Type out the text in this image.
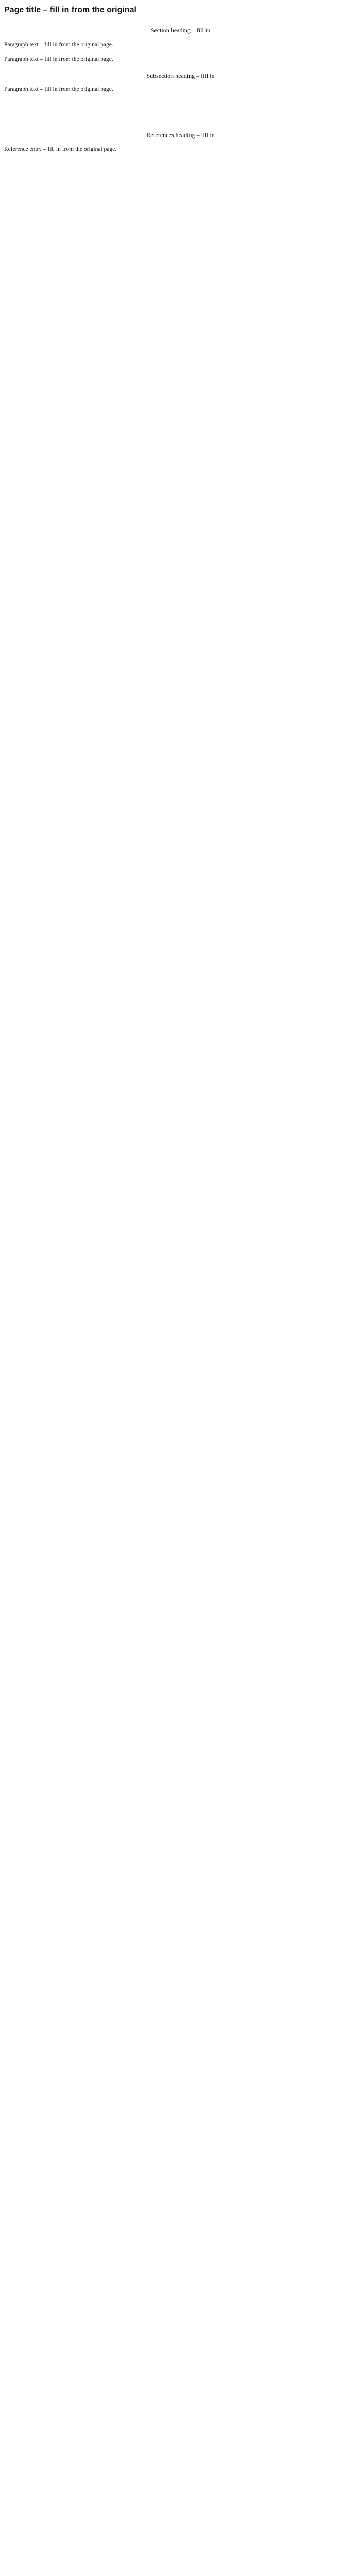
Page title – fill in from the original
Section heading – fill in

Paragraph text – fill in from the original page.

Paragraph text – fill in from the original page.

Subsection heading – fill in

Paragraph text – fill in from the original page.

References heading – fill in

Reference entry – fill in from the original page.
